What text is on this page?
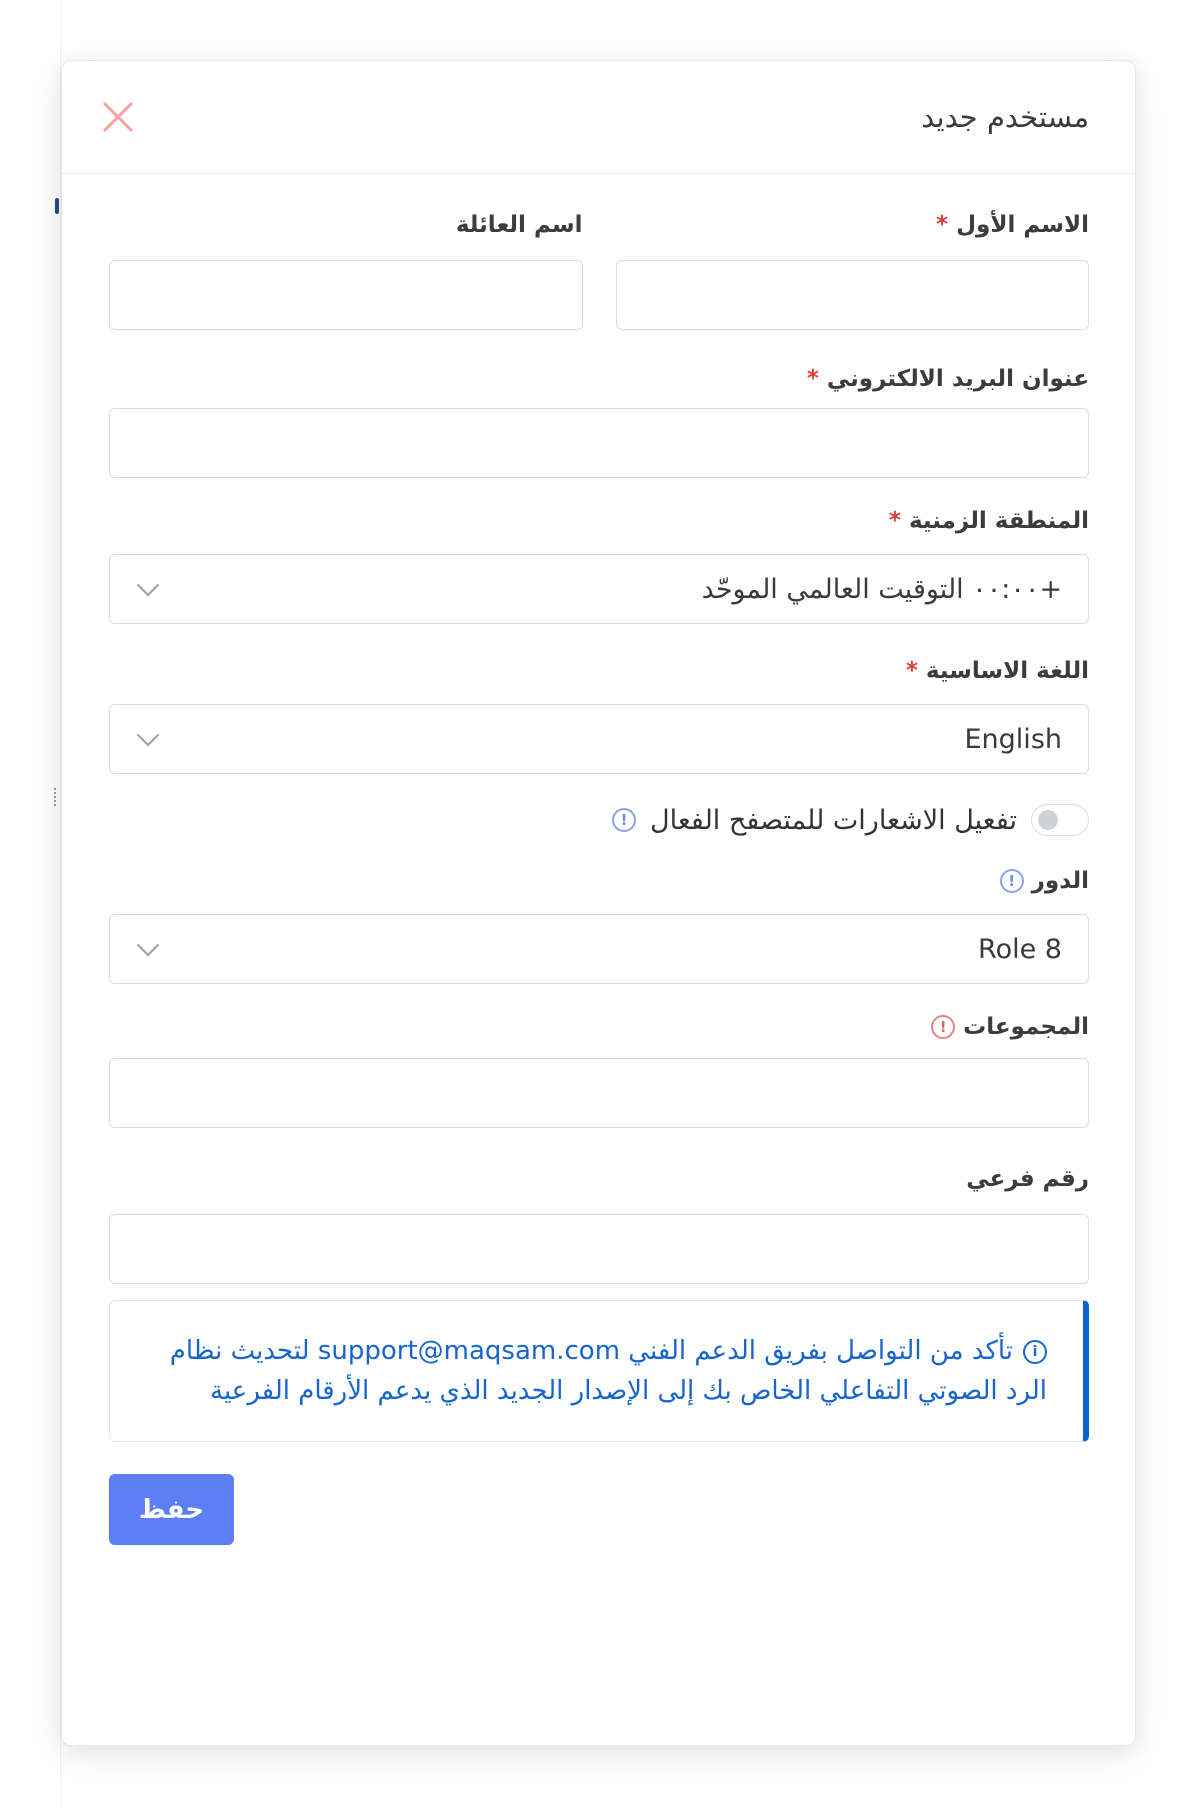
مستخدم جديد
الاسم الأول
*
اسم العائلة
عنوان البريد الالكتروني
*
المنطقة الزمنية
*
+۰۰:۰۰ التوقيت العالمي الموحّد
اللغة الاساسية
*
English
تفعيل الاشعارات للمتصفح الفعال
!
الدور
!
Role 8
المجموعات
!
رقم فرعي
iتأكد من التواصل بفريق الدعم الفني support@maqsam.com لتحديث نظام الرد الصوتي التفاعلي الخاص بك إلى الإصدار الجديد الذي يدعم الأرقام الفرعية
حفظ
